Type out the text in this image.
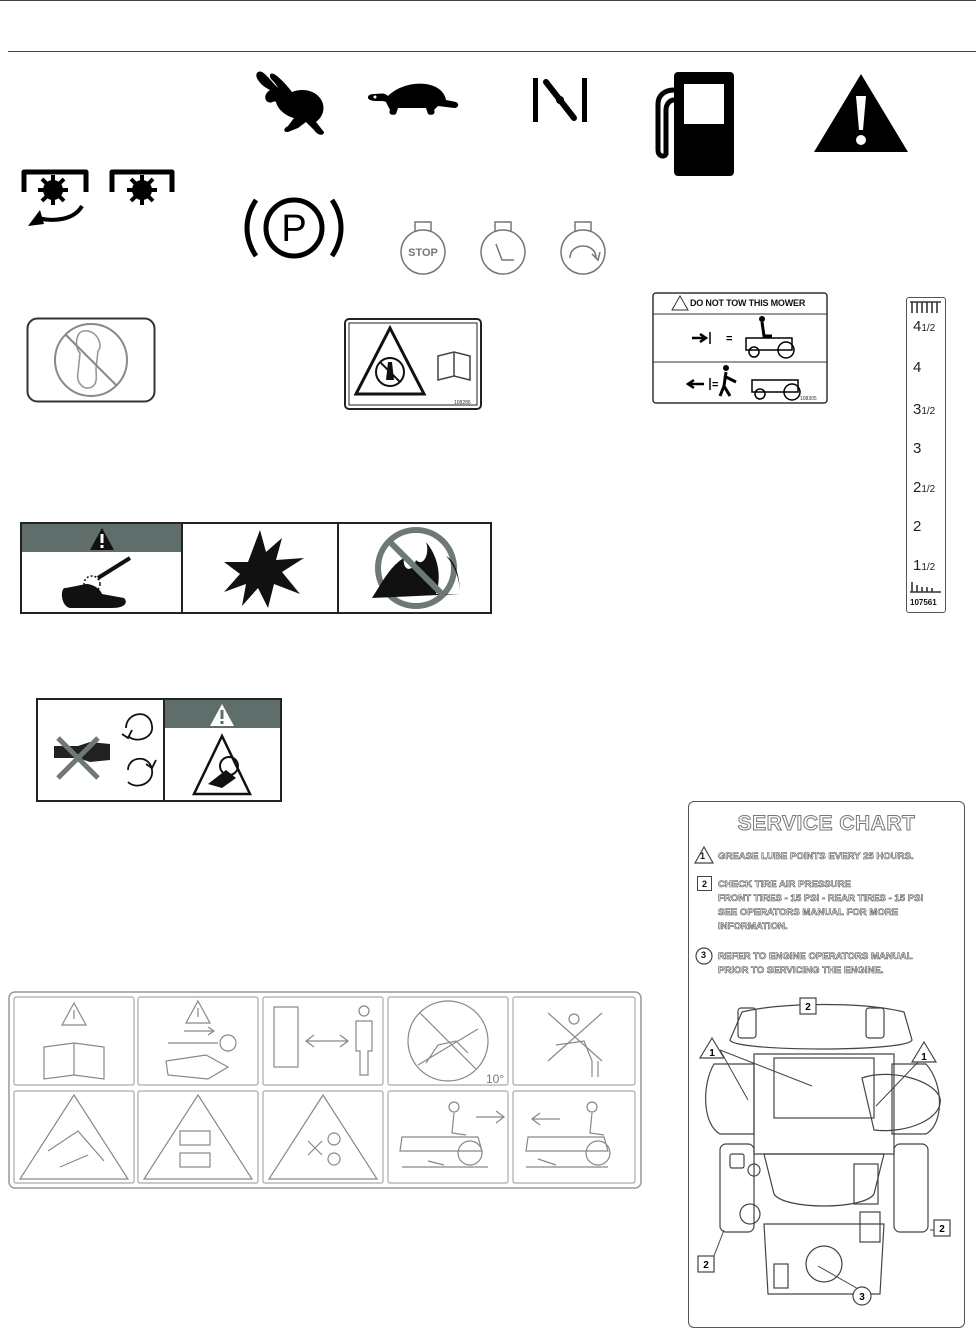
P
STOP
108286
=
=
DO NOT TOW THIS MOWER
108305
41/2
4
31/2
3
21/2
2
11/2
107561
10°
SERVICE CHART
1 GREASE LUBE POINTS EVERY 25 HOURS.
2	CHECK TIRE AIR PRESSURE
FRONT TIRES - 15 PSI - REAR TIRES - 15 PSI
SEE OPERATORS MANUAL FOR MORE
INFORMATION.
3 REFER TO ENGINE OPERATORS MANUAL
PRIOR TO SERVICING THE ENGINE.
2
1	1
2
2
3
